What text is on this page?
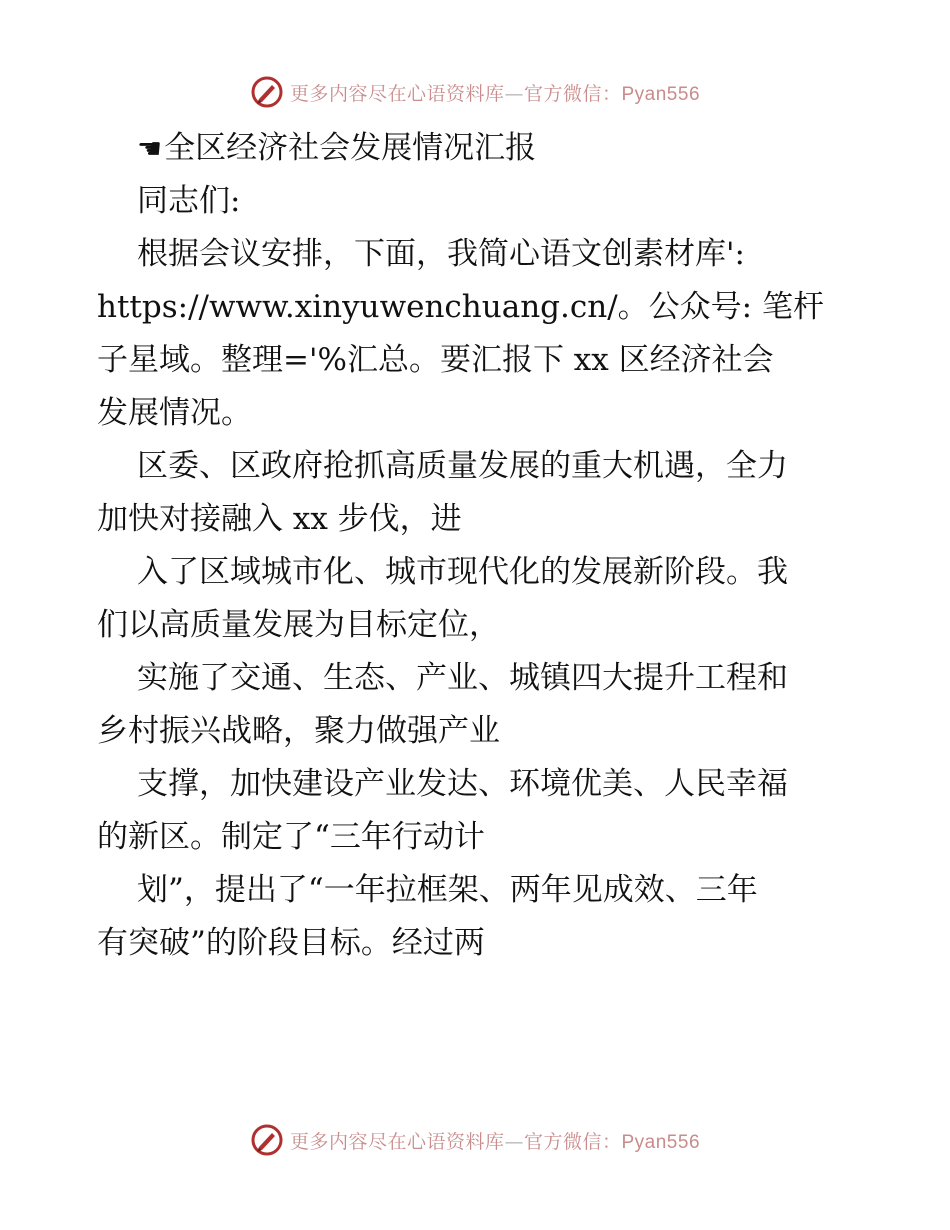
更多内容尽在心语资料库—官方微信：Pyan556
☚全区经济社会发展情况汇报
同志们:
根据会议安排，下面，我简心语文创素材库':
https://www.xinyuwenchuang.cn/。公众号: 笔杆
子星域。整理='%汇总。要汇报下 xx 区经济社会
发展情况。
区委、区政府抢抓高质量发展的重大机遇，全力
加快对接融入 xx 步伐，进
入了区域城市化、城市现代化的发展新阶段。我
们以高质量发展为目标定位，
实施了交通、生态、产业、城镇四大提升工程和
乡村振兴战略，聚力做强产业
支撑，加快建设产业发达、环境优美、人民幸福
的新区。制定了“三年行动计
划”，提出了“一年拉框架、两年见成效、三年
有突破”的阶段目标。经过两
更多内容尽在心语资料库—官方微信：Pyan556
